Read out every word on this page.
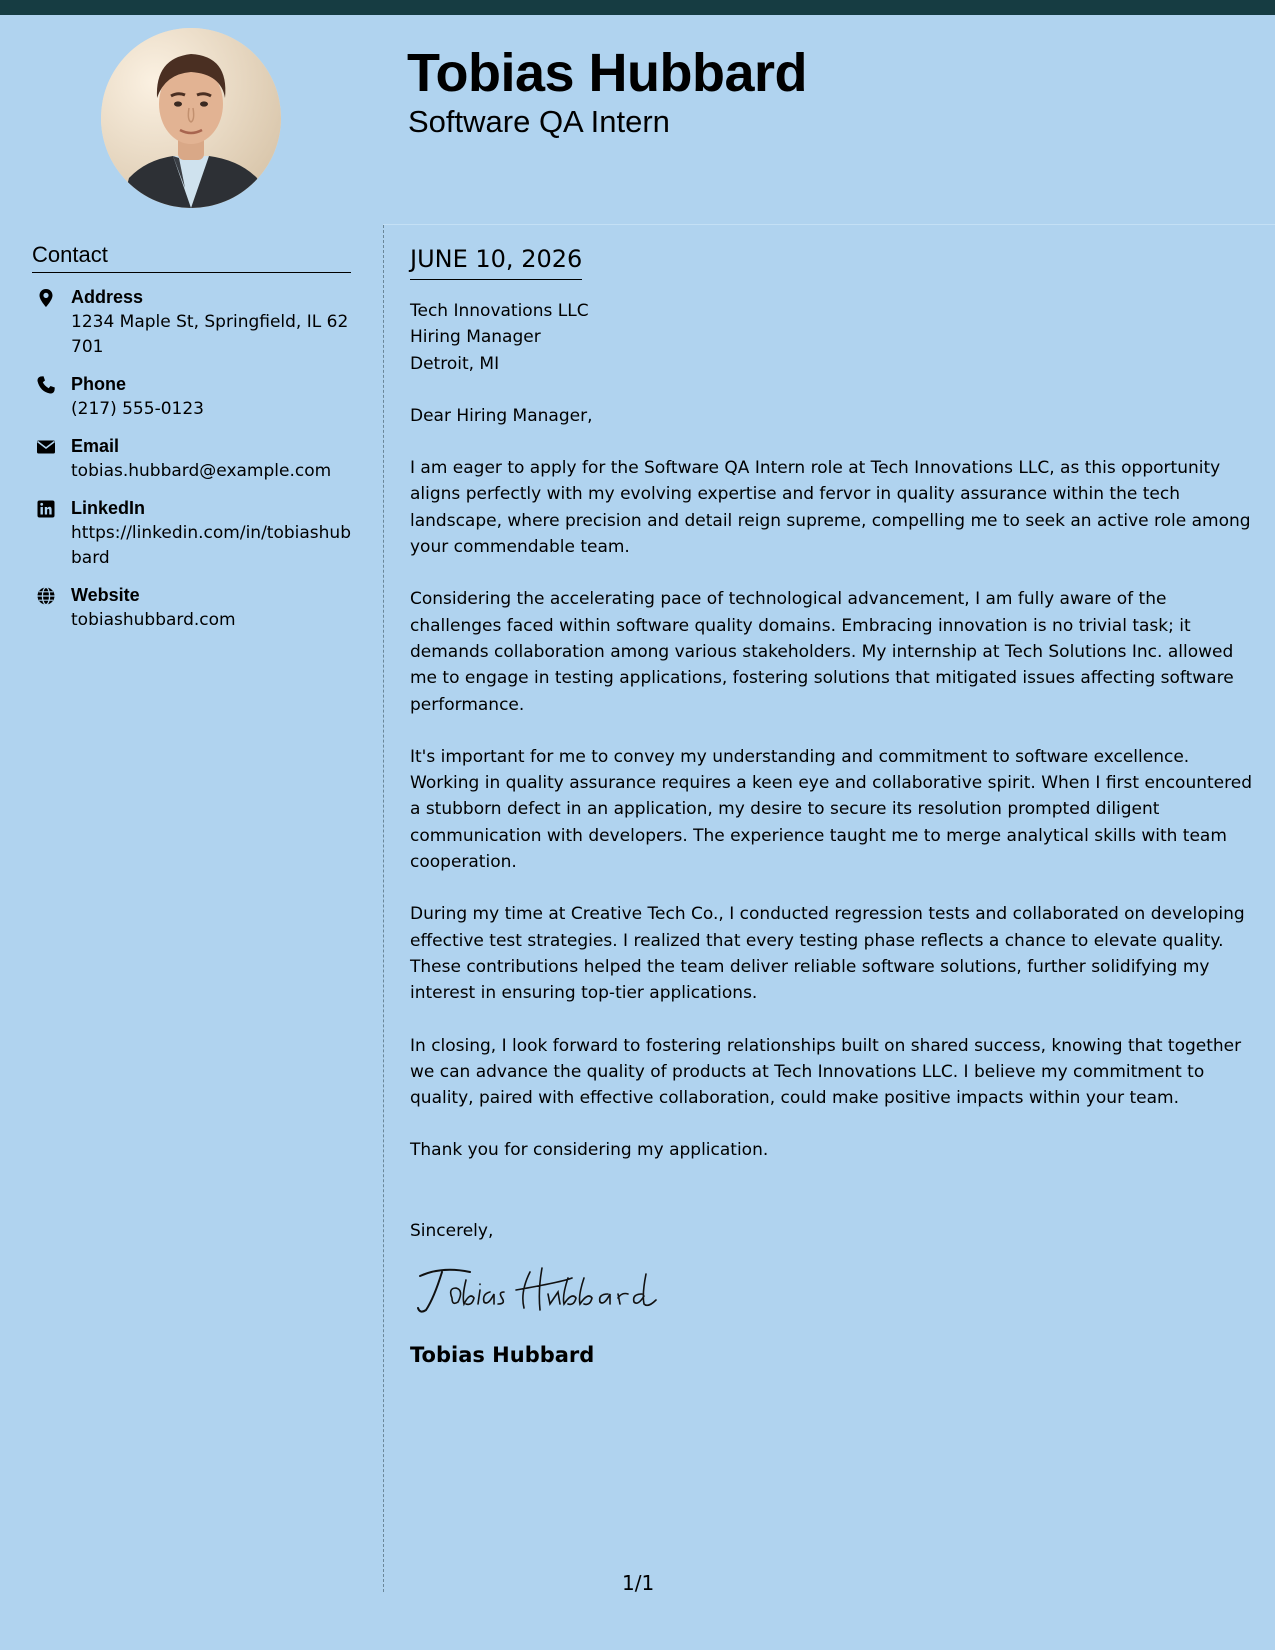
Tobias Hubbard
Software QA Intern
Contact
Address
1234 Maple St, Springfield, IL 62701
Phone
(217) 555-0123
Email
tobias.hubbard@example.com
LinkedIn
https://linkedin.com/in/tobiashubbard
Website
tobiashubbard.com
JUNE 10, 2026
Tech Innovations LLC
Hiring Manager
Detroit, MI
Dear Hiring Manager,
I am eager to apply for the Software QA Intern role at Tech Innovations LLC, as this opportunity aligns perfectly with my evolving expertise and fervor in quality assurance within the tech landscape, where precision and detail reign supreme, compelling me to seek an active role among your commendable team.
Considering the accelerating pace of technological advancement, I am fully aware of the challenges faced within software quality domains. Embracing innovation is no trivial task; it demands collaboration among various stakeholders. My internship at Tech Solutions Inc. allowed me to engage in testing applications, fostering solutions that mitigated issues affecting software performance.
It's important for me to convey my understanding and commitment to software excellence. Working in quality assurance requires a keen eye and collaborative spirit. When I first encountered a stubborn defect in an application, my desire to secure its resolution prompted diligent communication with developers. The experience taught me to merge analytical skills with team cooperation.
During my time at Creative Tech Co., I conducted regression tests and collaborated on developing effective test strategies. I realized that every testing phase reflects a chance to elevate quality. These contributions helped the team deliver reliable software solutions, further solidifying my interest in ensuring top-tier applications.
In closing, I look forward to fostering relationships built on shared success, knowing that together we can advance the quality of products at Tech Innovations LLC. I believe my commitment to quality, paired with effective collaboration, could make positive impacts within your team.
Thank you for considering my application.
Sincerely,
Tobias Hubbard
1/1
